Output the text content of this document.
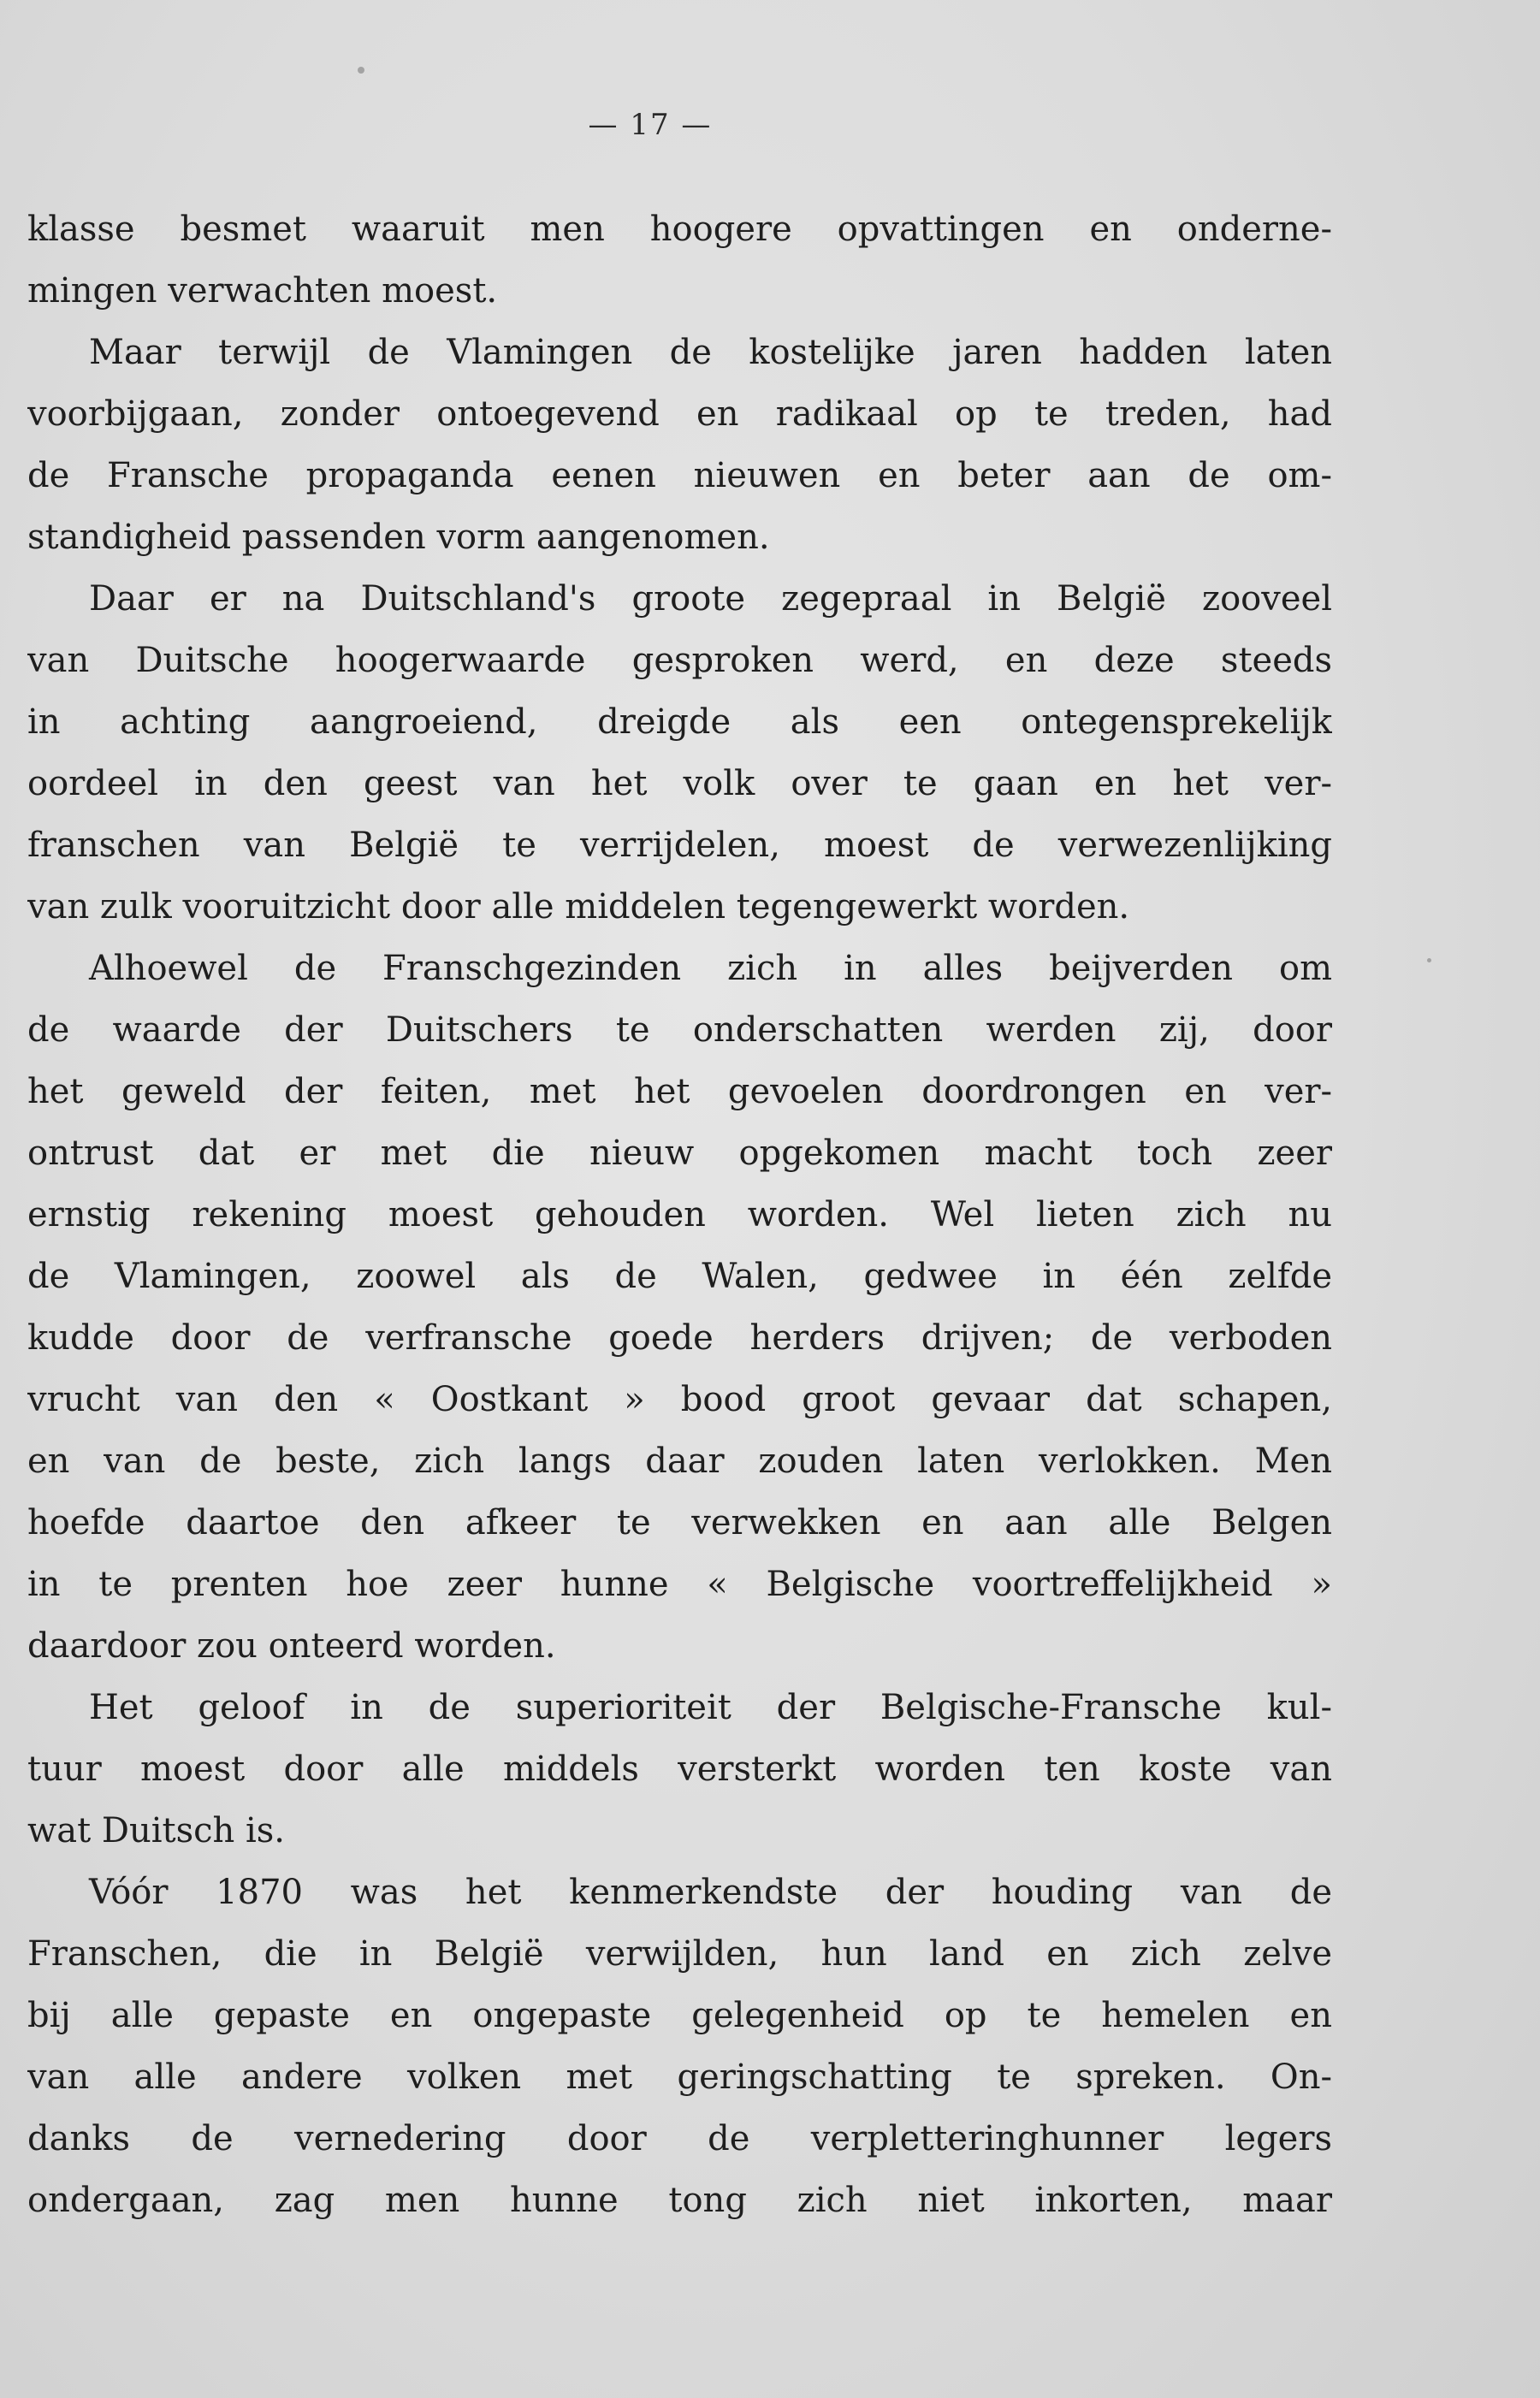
— 17 —
klasse besmet waaruit men hoogere opvattingen en onderne-
mingen verwachten moest.
Maar terwijl de Vlamingen de kostelijke jaren hadden laten
voorbijgaan, zonder ontoegevend en radikaal op te treden, had
de Fransche propaganda eenen nieuwen en beter aan de om-
standigheid passenden vorm aangenomen.
Daar er na Duitschland's groote zegepraal in België zooveel
van Duitsche hoogerwaarde gesproken werd, en deze steeds
in achting aangroeiend, dreigde als een ontegensprekelijk
oordeel in den geest van het volk over te gaan en het ver-
franschen van België te verrijdelen, moest de verwezenlijking
van zulk vooruitzicht door alle middelen tegengewerkt worden.
Alhoewel de Franschgezinden zich in alles beijverden om
de waarde der Duitschers te onderschatten werden zij, door
het geweld der feiten, met het gevoelen doordrongen en ver-
ontrust dat er met die nieuw opgekomen macht toch zeer
ernstig rekening moest gehouden worden. Wel lieten zich nu
de Vlamingen, zoowel als de Walen, gedwee in één zelfde
kudde door de verfransche goede herders drijven; de verboden
vrucht van den « Oostkant » bood groot gevaar dat schapen,
en van de beste, zich langs daar zouden laten verlokken. Men
hoefde daartoe den afkeer te verwekken en aan alle Belgen
in te prenten hoe zeer hunne « Belgische voortreffelijkheid »
daardoor zou onteerd worden.
Het geloof in de superioriteit der Belgische-Fransche kul-
tuur moest door alle middels versterkt worden ten koste van
wat Duitsch is.
Vóór 1870 was het kenmerkendste der houding van de
Franschen, die in België verwijlden, hun land en zich zelve
bij alle gepaste en ongepaste gelegenheid op te hemelen en
van alle andere volken met geringschatting te spreken. On-
danks de vernedering door de verpletteringhunner legers
ondergaan, zag men hunne tong zich niet inkorten, maar
